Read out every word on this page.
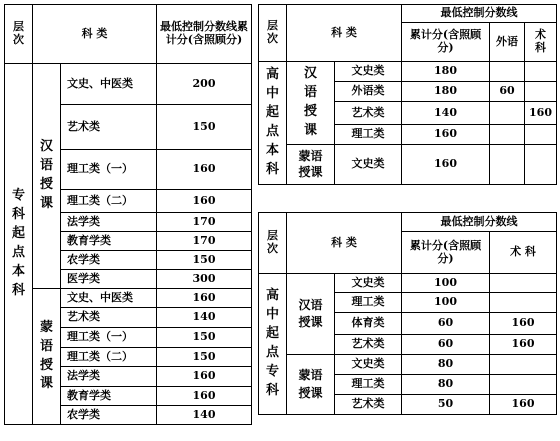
层次	科 类		最低控制分数线累计分(含照顾分)
专科起点本科	汉语授课	文史、中医类	200
		艺术类	150
		理工类（一）	160
		理工类（二）	160
		法学类	170
		教育学类	170
		农学类	150
		医学类	300
	蒙语授课	文史、中医类	160
		艺术类	140
		理工类（一）	150
		理工类（二）	150
		法学类	160
		教育学类	160
		农学类	140
层次	科 类		最低控制分数线		
			累计分(含照顾分)	外语	术科
高中起点本科	汉语授课	文史类	180		
		外语类	180	60	
		艺术类	140		160
		理工类	160		
	蒙语授课	文史类	160		
层次	科 类		最低控制分数线	
			累计分(含照顾分)	术 科
高中起点专科	汉语授课	文史类	100	
		理工类	100	
		体育类	60	160
		艺术类	60	160
	蒙语授课	文史类	80	
		理工类	80	
		艺术类	50	160
